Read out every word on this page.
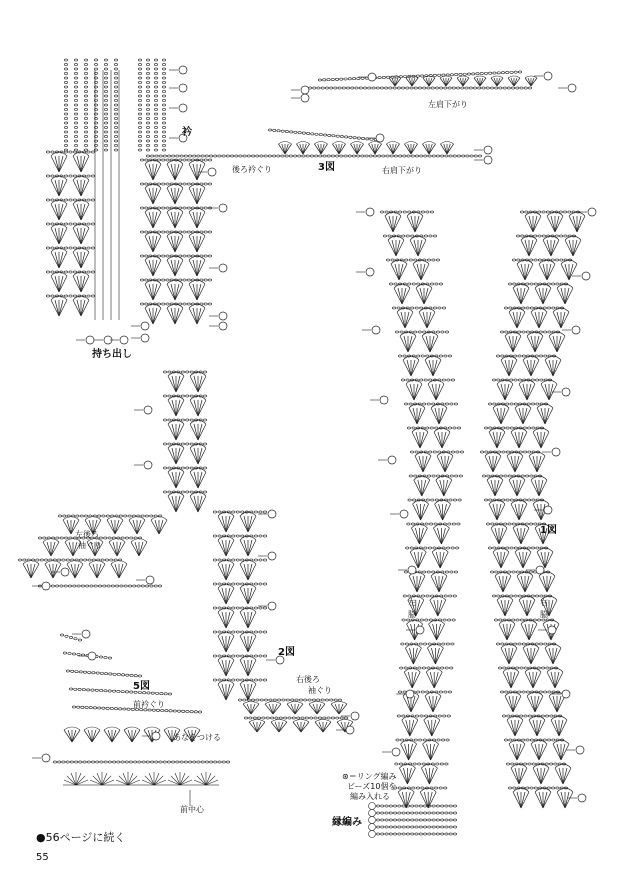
持ち出し
衿
後ろ衿ぐり	3図
左肩下がり
右肩下がり
左後ろ
袖ぐり
2図
右後ろ
袖ぐり
1図
左
脇
右
脇
5図
前衿ぐり
あなをつける
前中心
⊛＝リング編み
ビーズ10個を
編み入れる
縁編み
●56ページに続く
55
